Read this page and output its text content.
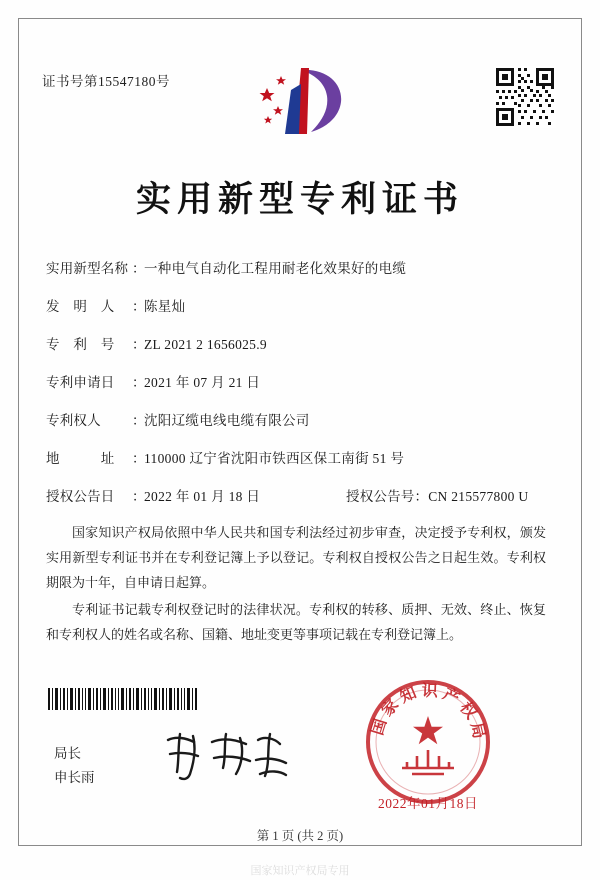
证书号第15547180号
实用新型专利证书
实用新型名称 ：一种电气自动化工程用耐老化效果好的电缆
发　明　人 ：陈星灿
专　利　号 ：ZL 2021 2 1656025.9
专利申请日 ：2021 年 07 月 21 日
专利权人 ：沈阳辽缆电线电缆有限公司
地　　　址 ：110000 辽宁省沈阳市铁西区保工南街 51 号
授权公告日 ：2022 年 01 月 18 日	授权公告号：CN 215577800 U
国家知识产权局依照中华人民共和国专利法经过初步审查，决定授予专利权，颁发实用新型专利证书并在专利登记簿上予以登记。专利权自授权公告之日起生效。专利权期限为十年，自申请日起算。
专利证书记载专利权登记时的法律状况。专利权的转移、质押、无效、终止、恢复和专利权人的姓名或名称、国籍、地址变更等事项记载在专利登记簿上。
局长
申长雨
国 家 知 识 产 权 局
2022年01月18日
第 1 页 (共 2 页)
国家知识产权局专用
